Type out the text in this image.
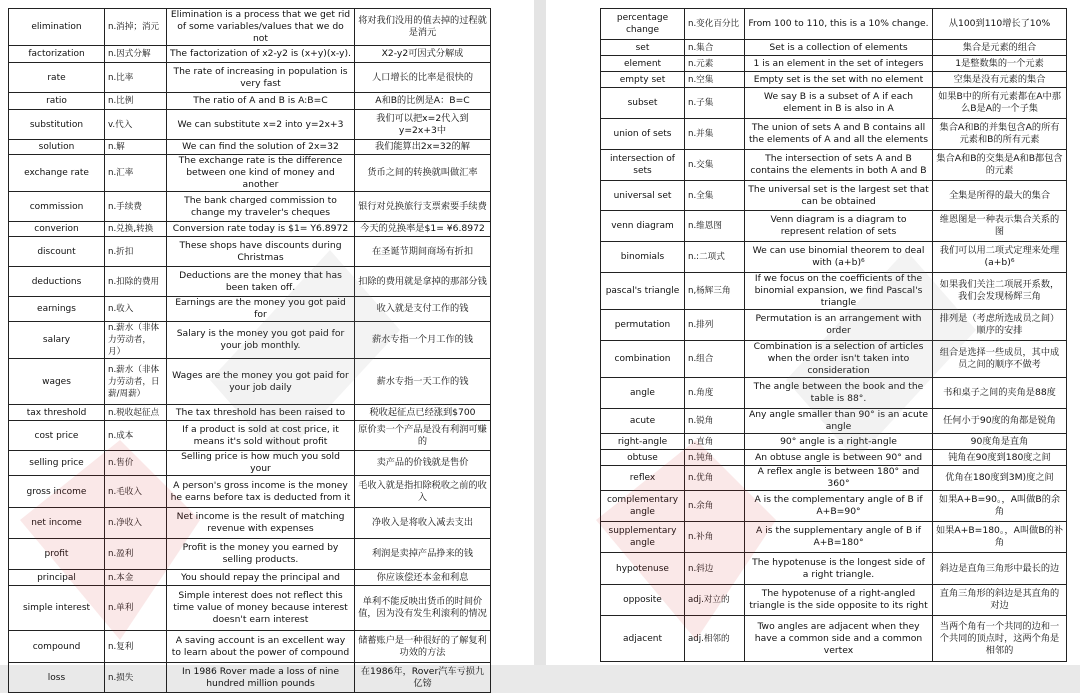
elimination	n.消掉；消元	Elimination is a process that we get rid of some variables/values that we do not	将对我们没用的值去掉的过程就是消元
factorization	n.因式分解	The factorization of x2-y2 is (x+y)(x-y).	X2-y2可因式分解成
rate	n.比率	The rate of increasing in population is very fast	人口增长的比率是很快的
ratio	n.比例	The ratio of A and B is A:B=C	A和B的比例是A：B=C
substitution	v.代入	We can substitute x=2 into y=2x+3	我们可以把x=2代入到y=2x+3中
solution	n.解	We can find the solution of 2x=32	我们能算出2x=32的解
exchange rate	n.汇率	The exchange rate is the difference between one kind of money and another	货币之间的转换就叫做汇率
commission	n.手续费	The bank charged commission to change my traveler's cheques	银行对兑换旅行支票索要手续费
converion	n.兑换,转换	Conversion rate today is $1= Y6.8972	今天的兑换率是$1= ¥6.8972
discount	n.折扣	These shops have discounts during Christmas	在圣诞节期间商场有折扣
deductions	n.扣除的费用	Deductions are the money that has been taken off.	扣除的费用就是拿掉的那部分钱
earnings	n.收入	Earnings are the money you got paid for	收入就是支付工作的钱
salary	n.薪水（非体力劳动者，月）	Salary is the money you got paid for your job monthly.	薪水专指一个月工作的钱
wages	n.薪水（非体力劳动者，日薪/周薪）	Wages are the money you got paid for your job daily	薪水专指一天工作的钱
tax threshold	n.税收起征点	The tax threshold has been raised to	税收起征点已经涨到$700
cost price	n.成本	If a product is sold at cost price, it means it's sold without profit	原价卖一个产品是没有利润可赚的
selling price	n.售价	Selling price is how much you sold your	卖产品的价钱就是售价
gross income	n.毛收入	A person's gross income is the money he earns before tax is deducted from it	毛收入就是指扣除税收之前的收入
net income	n.净收入	Net income is the result of matching revenue with expenses	净收入是将收入减去支出
profit	n.盈利	Profit is the money you earned by selling products.	利润是卖掉产品挣来的钱
principal	n.本金	You should repay the principal and	你应该偿还本金和利息
simple interest	n.单利	Simple interest does not reflect this time value of money because interest doesn't earn interest	单利不能反映出货币的时间价值，因为没有发生利滚利的情况
compound	n.复利	A saving account is an excellent way to learn about the power of compound	储蓄账户是一种很好的了解复利功效的方法
loss	n.损失	In 1986 Rover made a loss of nine hundred million pounds	在1986年，Rover汽车亏损九亿镑
percentage change	n.变化百分比	From 100 to 110, this is a 10% change.	从100到110增长了10%
set	n.集合	Set is a collection of elements	集合是元素的组合
element	n.元素	1 is an element in the set of integers	1是整数集的一个元素
empty set	n.空集	Empty set is the set with no element	空集是没有元素的集合
subset	n.子集	We say B is a subset of A if each element in B is also in A	如果B中的所有元素都在A中那么B是A的一个子集
union of sets	n.并集	The union of sets A and B contains all the elements of A and all the elements	集合A和B的并集包含A的所有元素和B的所有元素
intersection of sets	n.交集	The intersection of sets A and B contains the elements in both A and B	集合A和B的交集是A和B都包含的元素
universal set	n.全集	The universal set is the largest set that can be obtained	全集是所得的最大的集合
venn diagram	n.维恩图	Venn diagram is a diagram to represent relation of sets	维恩图是一种表示集合关系的图
binomials	n.:二项式	We can use binomial theorem to deal with (a+b)⁶	我们可以用二项式定理来处理(a+b)⁶
pascal's triangle	n,杨辉三角	If we focus on the coefficients of the binomial expansion, we find Pascal's triangle	如果我们关注二项展开系数，我们会发现杨辉三角
permutation	n.排列	Permutation is an arrangement with order	排列是（考虑所选成员之间）顺序的安排
combination	n.组合	Combination is a selection of articles when the order isn't taken into consideration	组合是选择一些成员，其中成员之间的顺序不做考
angle	n.角度	The angle between the book and the table is 88°.	书和桌子之间的夹角是88度
acute	n.锐角	Any angle smaller than 90° is an acute angle	任何小于90度的角都是锐角
right-angle	n.直角	90° angle is a right-angle	90度角是直角
obtuse	n.钝角	An obtuse angle is between 90° and	钝角在90度到180度之间
reflex	n.优角	A reflex angle is between 180° and 360°	优角在180度到3M)度之间
complementary angle	n.余角	A is the complementary angle of B if A+B=90°	如果A+B=90。，A叫做B的余角
supplementary angle	n.补角	A is the supplementary angle of B if A+B=180°	如果A+B=180。，A叫做B的补角
hypotenuse	n.斜边	The hypotenuse is the longest side of a right triangle.	斜边是直角三角形中最长的边
opposite	adj.对立的	The hypotenuse of a right-angled triangle is the side opposite to its right	直角三角形的斜边是其直角的对边
adjacent	adj.相邻的	Two angles are adjacent when they have a common side and a common vertex	当两个角有一个共同的边和一个共同的顶点时，这两个角是相邻的
